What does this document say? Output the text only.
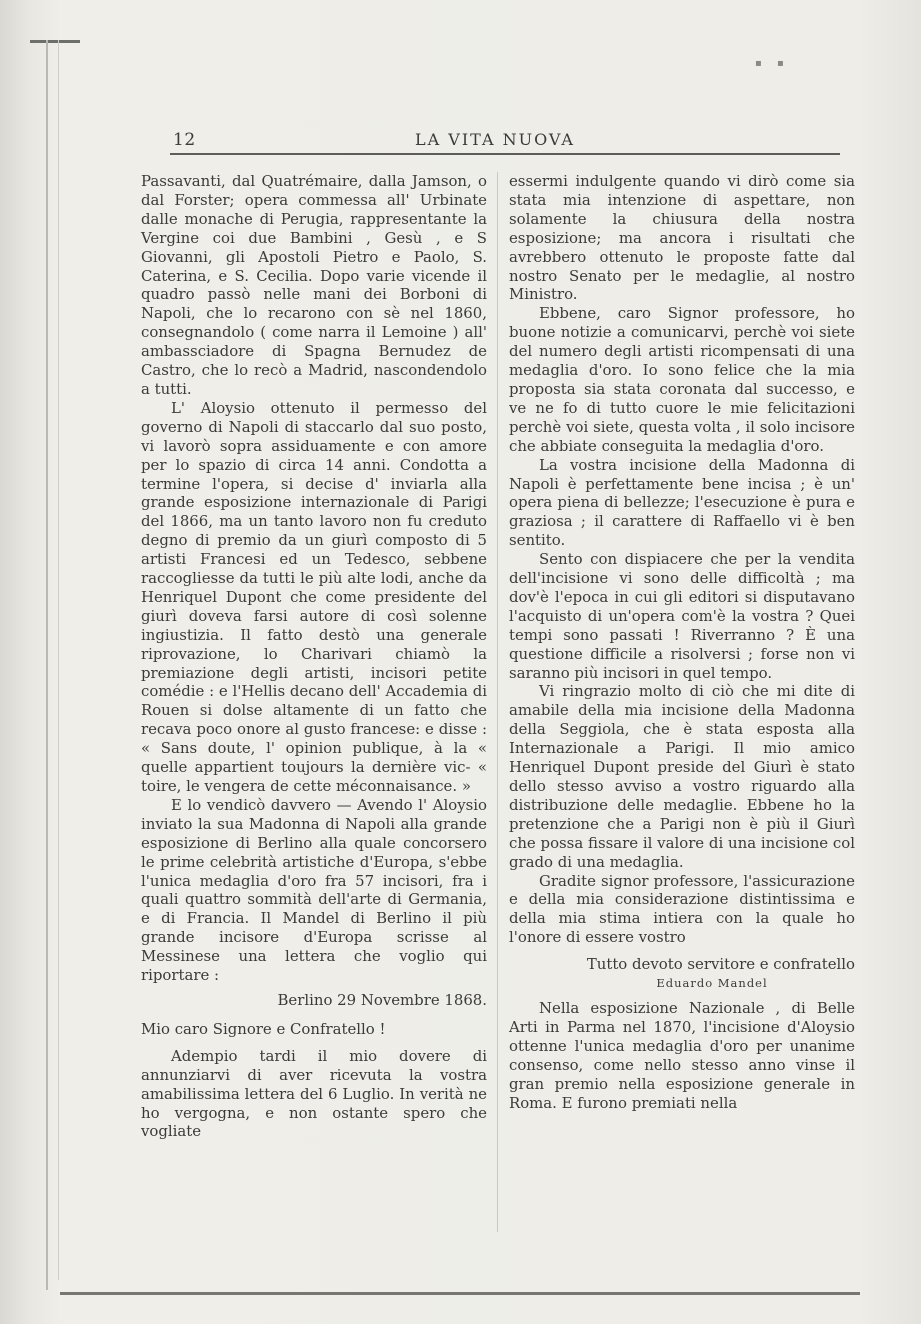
▪ ▪
12	LA VITA NUOVA

Passavanti, dal Quatrémaire, dalla Jamson, o dal Forster; opera commessa all' Urbinate dalle monache di Perugia, rappresentante la Vergine coi due Bambini , Gesù , e S Giovanni, gli Apostoli Pietro e Paolo, S. Caterina, e S. Cecilia. Dopo varie vicende il quadro passò nelle mani dei Borboni di Napoli, che lo recarono con sè nel 1860, consegnandolo ( come narra il Lemoine ) all' ambassciadore di Spagna Bernudez de Castro, che lo recò a Madrid, nascondendolo a tutti.

L' Aloysio ottenuto il permesso del governo di Napoli di staccarlo dal suo posto, vi lavorò sopra assiduamente e con amore per lo spazio di circa 14 anni. Condotta a termine l'opera, si decise d' inviarla alla grande esposizione internazionale di Parigi del 1866, ma un tanto lavoro non fu creduto degno di premio da un giurì composto di 5 artisti Francesi ed un Tedesco, sebbene raccogliesse da tutti le più alte lodi, anche da Henriquel Dupont che come presidente del giurì doveva farsi autore di così solenne ingiustizia. Il fatto destò una generale riprovazione, lo Charivari chiamò la premiazione degli artisti, incisori petite comédie : e l'Hellis decano dell' Accademia di Rouen si dolse altamente di un fatto che recava poco onore al gusto francese: e disse : « Sans doute, l' opinion publique, à la « quelle appartient toujours la dernière vic- « toire, le vengera de cette méconnaisance. »

E lo vendicò davvero — Avendo l' Aloysio inviato la sua Madonna di Napoli alla grande esposizione di Berlino alla quale concorsero le prime celebrità artistiche d'Europa, s'ebbe l'unica medaglia d'oro fra 57 incisori, fra i quali quattro sommità dell'arte di Germania, e di Francia. Il Mandel di Berlino il più grande incisore d'Europa scrisse al Messinese una lettera che voglio qui riportare :

Berlino 29 Novembre 1868.

Mio caro Signore e Confratello !

Adempio tardi il mio dovere di annunziarvi di aver ricevuta la vostra amabilissima lettera del 6 Luglio. In verità ne ho vergogna, e non ostante spero che vogliate

essermi indulgente quando vi dirò come sia stata mia intenzione di aspettare, non solamente la chiusura della nostra esposizione; ma ancora i risultati che avrebbero ottenuto le proposte fatte dal nostro Senato per le medaglie, al nostro Ministro.

Ebbene, caro Signor professore, ho buone notizie a comunicarvi, perchè voi siete del numero degli artisti ricompensati di una medaglia d'oro. Io sono felice che la mia proposta sia stata coronata dal successo, e ve ne fo di tutto cuore le mie felicitazioni perchè voi siete, questa volta , il solo incisore che abbiate conseguita la medaglia d'oro.

La vostra incisione della Madonna di Napoli è perfettamente bene incisa ; è un' opera piena di bellezze; l'esecuzione è pura e graziosa ; il carattere di Raffaello vi è ben sentito.

Sento con dispiacere che per la vendita dell'incisione vi sono delle difficoltà ; ma dov'è l'epoca in cui gli editori si disputavano l'acquisto di un'opera com'è la vostra ? Quei tempi sono passati ! Riverranno ? È una questione difficile a risolversi ; forse non vi saranno più incisori in quel tempo.

Vi ringrazio molto di ciò che mi dite di amabile della mia incisione della Madonna della Seggiola, che è stata esposta alla Internazionale a Parigi. Il mio amico Henriquel Dupont preside del Giurì è stato dello stesso avviso a vostro riguardo alla distribuzione delle medaglie. Ebbene ho la pretenzione che a Parigi non è più il Giurì che possa fissare il valore di una incisione col grado di una medaglia.

Gradite signor professore, l'assicurazione e della mia considerazione distintissima e della mia stima intiera con la quale ho l'onore di essere vostro

Tutto devoto servitore e confratello

Eduardo Mandel

Nella esposizione Nazionale , di Belle Arti in Parma nel 1870, l'incisione d'Aloysio ottenne l'unica medaglia d'oro per unanime consenso, come nello stesso anno vinse il gran premio nella esposizione generale in Roma. E furono premiati nella
